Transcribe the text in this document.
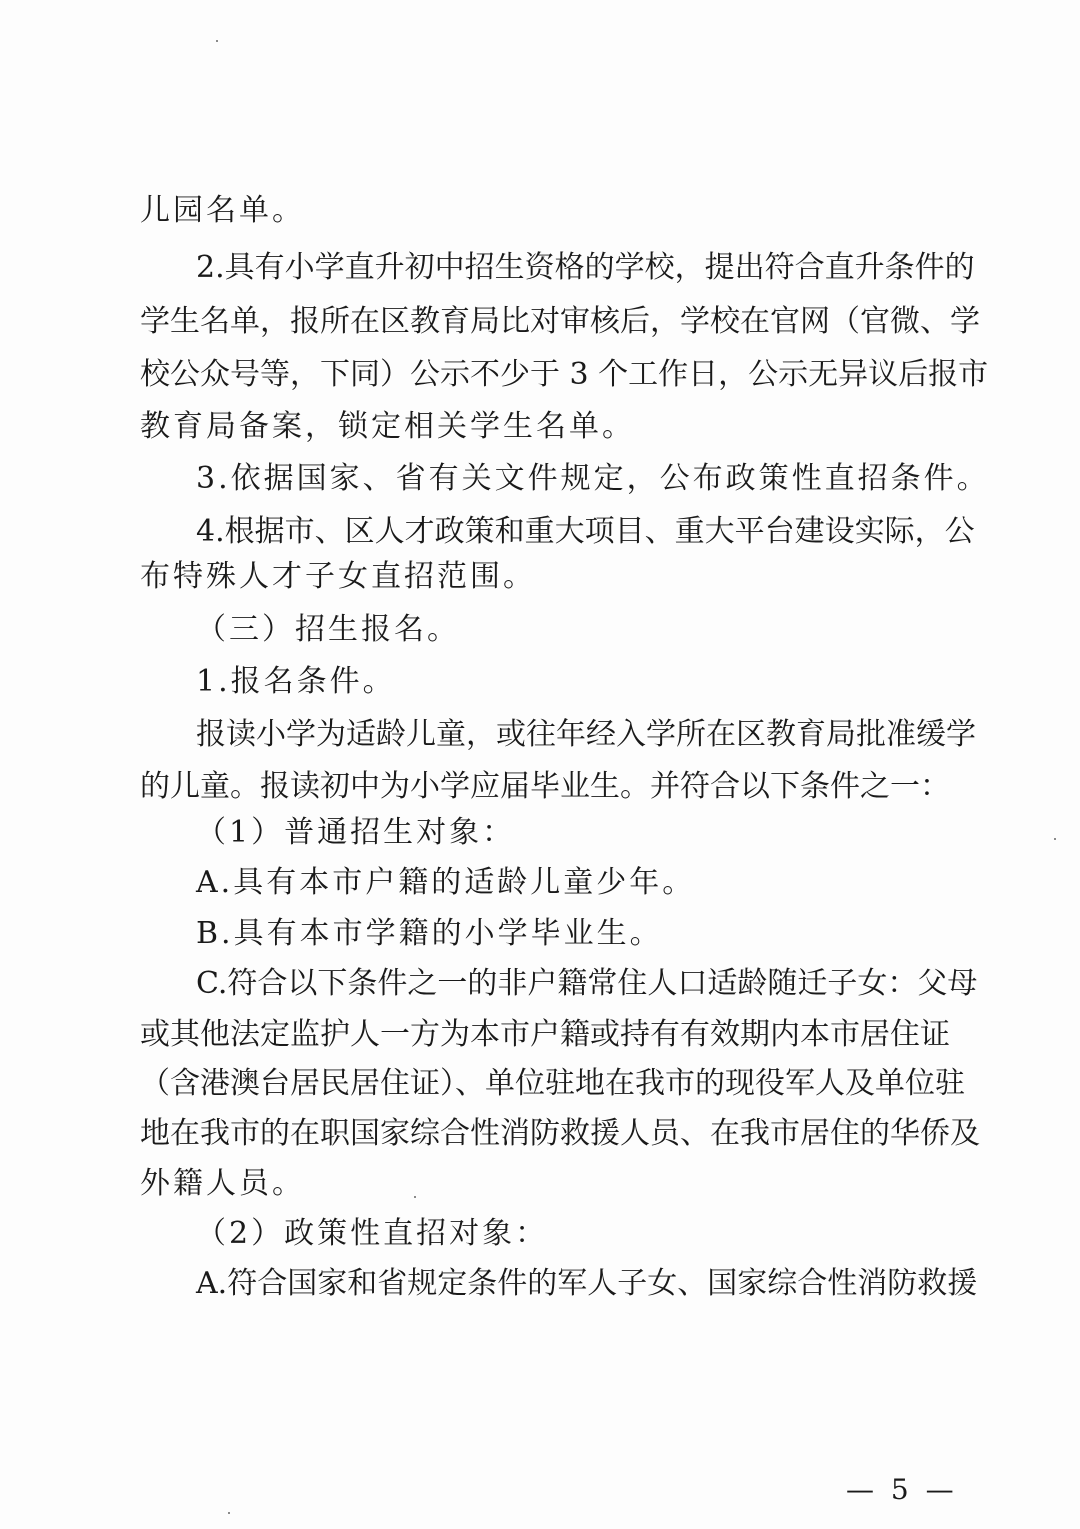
儿园名单。
2.具有小学直升初中招生资格的学校，提出符合直升条件的
学生名单，报所在区教育局比对审核后，学校在官网（官微、学
校公众号等，下同）公示不少于 3 个工作日，公示无异议后报市
教育局备案，锁定相关学生名单。
3.依据国家、省有关文件规定，公布政策性直招条件。
4.根据市、区人才政策和重大项目、重大平台建设实际，公
布特殊人才子女直招范围。
（三）招生报名。
1.报名条件。
报读小学为适龄儿童，或往年经入学所在区教育局批准缓学
的儿童。报读初中为小学应届毕业生。并符合以下条件之一：
（1）普通招生对象：
A.具有本市户籍的适龄儿童少年。
B.具有本市学籍的小学毕业生。
C.符合以下条件之一的非户籍常住人口适龄随迁子女：父母
或其他法定监护人一方为本市户籍或持有有效期内本市居住证
（含港澳台居民居住证）、单位驻地在我市的现役军人及单位驻
地在我市的在职国家综合性消防救援人员、在我市居住的华侨及
外籍人员。
（2）政策性直招对象：
A.符合国家和省规定条件的军人子女、国家综合性消防救援
— 5 —
